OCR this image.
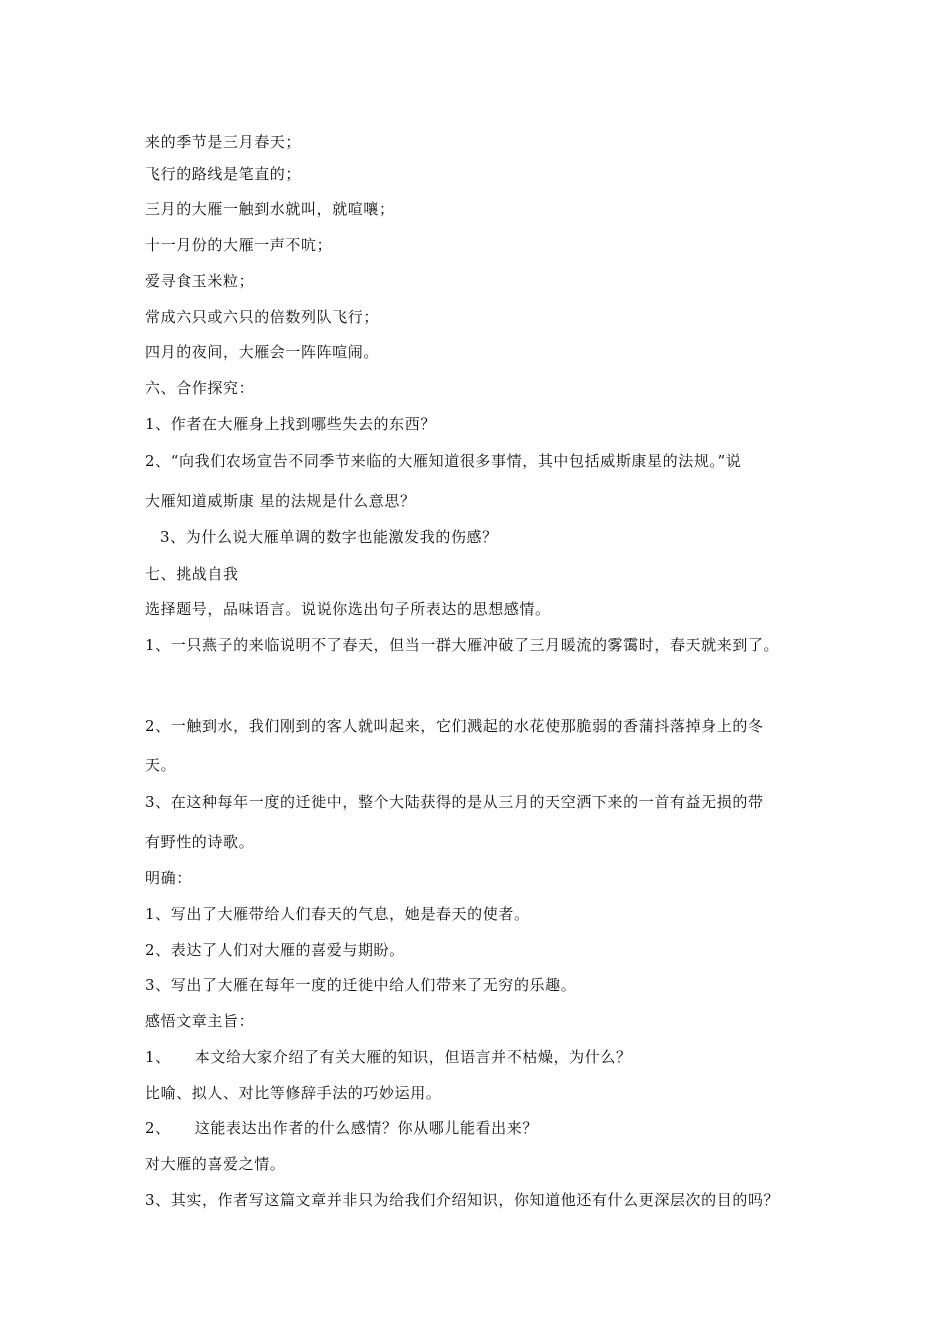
来的季节是三月春天；
飞行的路线是笔直的；
三月的大雁一触到水就叫，就喧嚷；
十一月份的大雁一声不吭；
爱寻食玉米粒；
常成六只或六只的倍数列队飞行；
四月的夜间，大雁会一阵阵喧闹。
六、合作探究：
1、作者在大雁身上找到哪些失去的东西？
2、“向我们农场宣告不同季节来临的大雁知道很多事情，其中包括威斯康星的法规。”说
大雁知道威斯康 星的法规是什么意思？
3、为什么说大雁单调的数字也能激发我的伤感？
七、挑战自我
选择题号，品味语言。说说你选出句子所表达的思想感情。
1、一只燕子的来临说明不了春天，但当一群大雁冲破了三月暖流的雾霭时，春天就来到了。
2、一触到水，我们刚到的客人就叫起来，它们溅起的水花使那脆弱的香蒲抖落掉身上的冬
天。
3、在这种每年一度的迁徙中，整个大陆获得的是从三月的天空洒下来的一首有益无损的带
有野性的诗歌。
明确：
1、写出了大雁带给人们春天的气息，她是春天的使者。
2、表达了人们对大雁的喜爱与期盼。
3、写出了大雁在每年一度的迁徙中给人们带来了无穷的乐趣。
感悟文章主旨：
1、 本文给大家介绍了有关大雁的知识，但语言并不枯燥，为什么？
比喻、拟人、对比等修辞手法的巧妙运用。
2、 这能表达出作者的什么感情？你从哪儿能看出来？
对大雁的喜爱之情。
3、其实，作者写这篇文章并非只为给我们介绍知识，你知道他还有什么更深层次的目的吗？
